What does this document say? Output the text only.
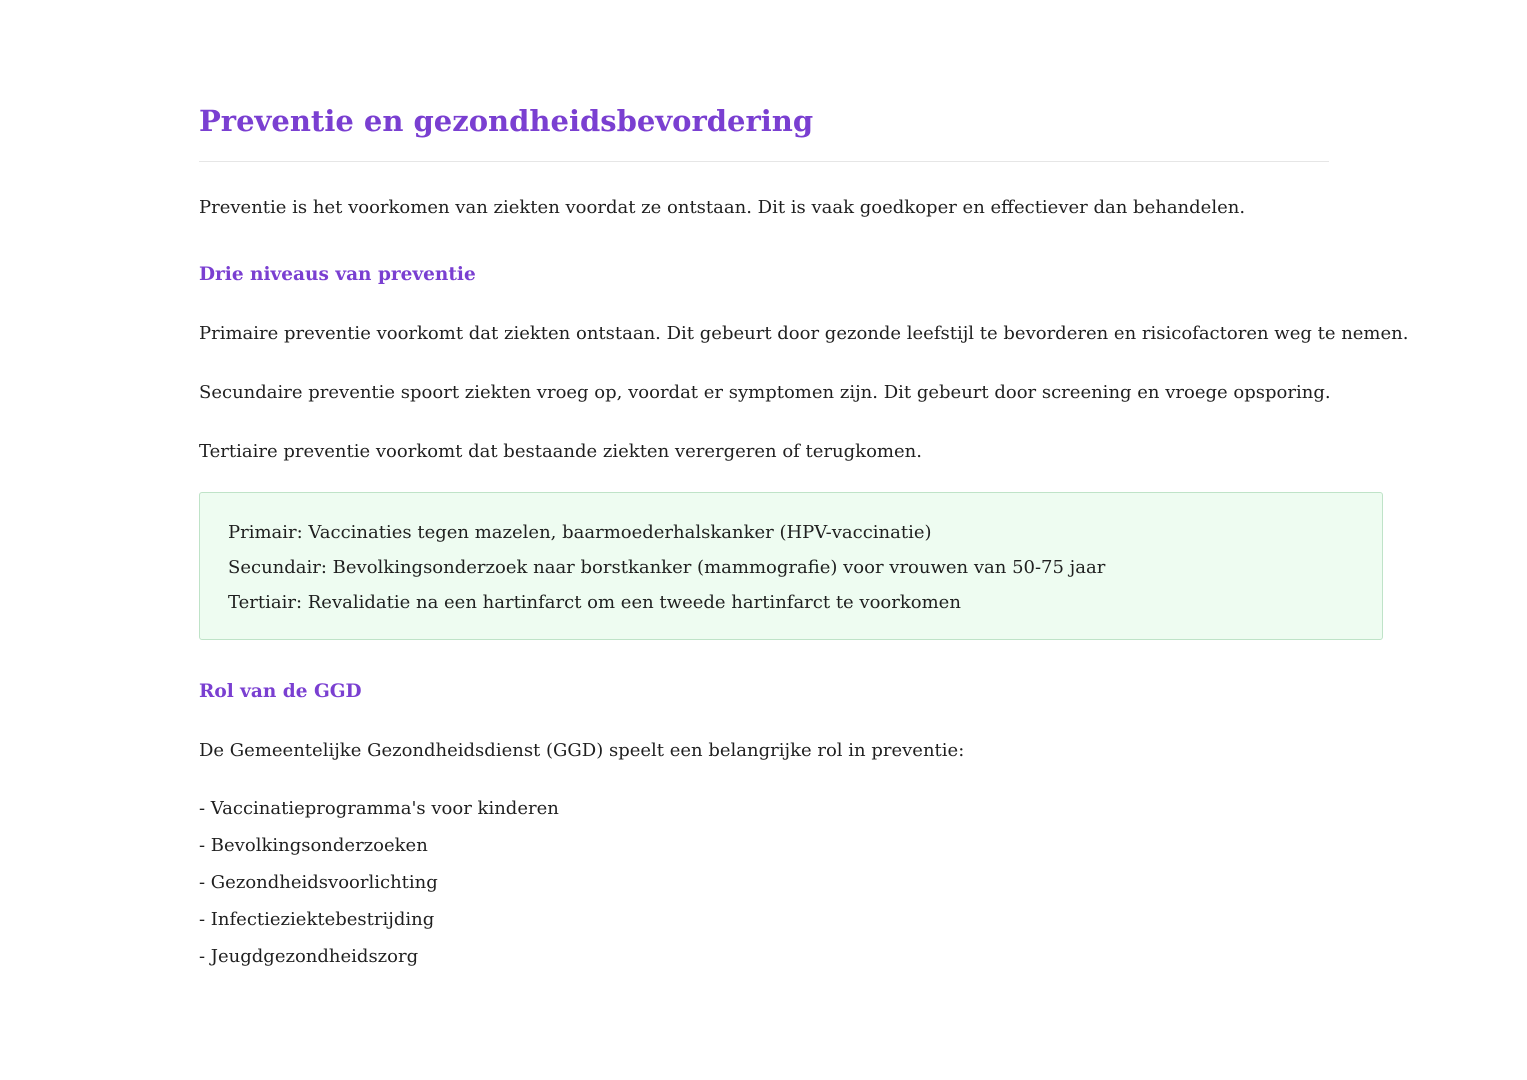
Preventie en gezondheidsbevordering

Preventie is het voorkomen van ziekten voordat ze ontstaan. Dit is vaak goedkoper en effectiever dan behandelen.

Drie niveaus van preventie

Primaire preventie voorkomt dat ziekten ontstaan. Dit gebeurt door gezonde leefstijl te bevorderen en risicofactoren weg te nemen.

Secundaire preventie spoort ziekten vroeg op, voordat er symptomen zijn. Dit gebeurt door screening en vroege opsporing.

Tertiaire preventie voorkomt dat bestaande ziekten verergeren of terugkomen.

Primair: Vaccinaties tegen mazelen, baarmoederhalskanker (HPV-vaccinatie)

Secundair: Bevolkingsonderzoek naar borstkanker (mammografie) voor vrouwen van 50-75 jaar

Tertiair: Revalidatie na een hartinfarct om een tweede hartinfarct te voorkomen

Rol van de GGD

De Gemeentelijke Gezondheidsdienst (GGD) speelt een belangrijke rol in preventie:

- Vaccinatieprogramma's voor kinderen

- Bevolkingsonderzoeken

- Gezondheidsvoorlichting

- Infectieziektebestrijding

- Jeugdgezondheidszorg
